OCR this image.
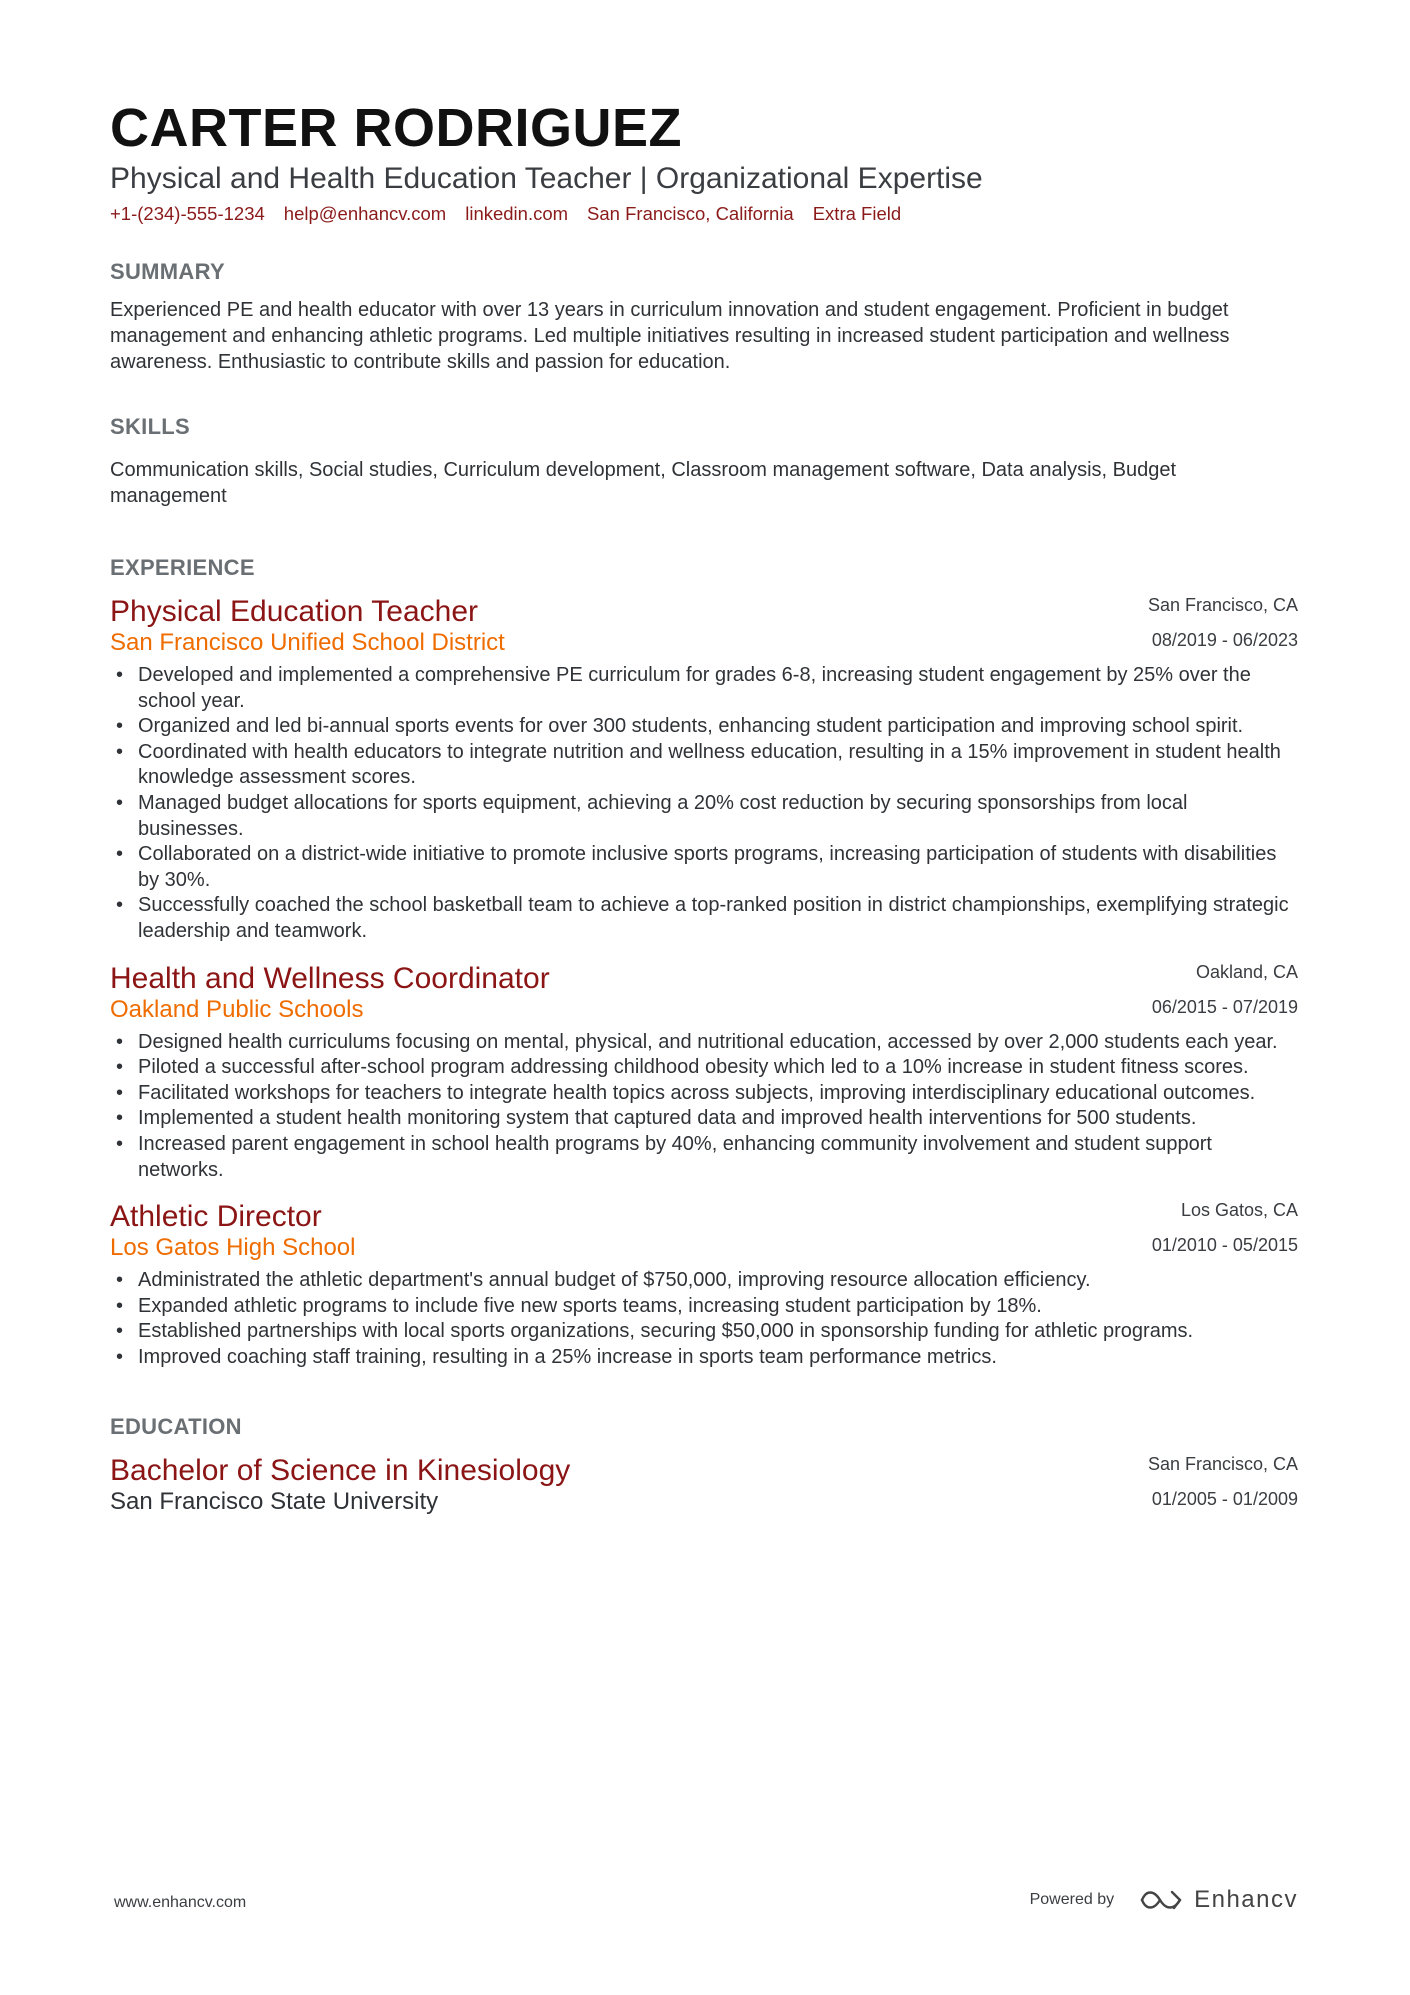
CARTER RODRIGUEZ
Physical and Health Education Teacher | Organizational Expertise
+1-(234)-555-1234 help@enhancv.com linkedin.com San Francisco, California Extra Field
SUMMARY
Experienced PE and health educator with over 13 years in curriculum innovation and student engagement. Proficient in budget management and enhancing athletic programs. Led multiple initiatives resulting in increased student participation and wellness awareness. Enthusiastic to contribute skills and passion for education.
SKILLS
Communication skills, Social studies, Curriculum development, Classroom management software, Data analysis, Budget management
EXPERIENCE
Physical Education Teacher
San Francisco Unified School District
San Francisco, CA
08/2019 - 06/2023
• Developed and implemented a comprehensive PE curriculum for grades 6-8, increasing student engagement by 25% over the school year.
• Organized and led bi-annual sports events for over 300 students, enhancing student participation and improving school spirit.
• Coordinated with health educators to integrate nutrition and wellness education, resulting in a 15% improvement in student health knowledge assessment scores.
• Managed budget allocations for sports equipment, achieving a 20% cost reduction by securing sponsorships from local businesses.
• Collaborated on a district-wide initiative to promote inclusive sports programs, increasing participation of students with disabilities by 30%.
• Successfully coached the school basketball team to achieve a top-ranked position in district championships, exemplifying strategic leadership and teamwork.
Health and Wellness Coordinator
Oakland Public Schools
Oakland, CA
06/2015 - 07/2019
• Designed health curriculums focusing on mental, physical, and nutritional education, accessed by over 2,000 students each year.
• Piloted a successful after-school program addressing childhood obesity which led to a 10% increase in student fitness scores.
• Facilitated workshops for teachers to integrate health topics across subjects, improving interdisciplinary educational outcomes.
• Implemented a student health monitoring system that captured data and improved health interventions for 500 students.
• Increased parent engagement in school health programs by 40%, enhancing community involvement and student support networks.
Athletic Director
Los Gatos High School
Los Gatos, CA
01/2010 - 05/2015
• Administrated the athletic department's annual budget of $750,000, improving resource allocation efficiency.
• Expanded athletic programs to include five new sports teams, increasing student participation by 18%.
• Established partnerships with local sports organizations, securing $50,000 in sponsorship funding for athletic programs.
• Improved coaching staff training, resulting in a 25% increase in sports team performance metrics.
EDUCATION
Bachelor of Science in Kinesiology
San Francisco State University
San Francisco, CA
01/2005 - 01/2009
www.enhancv.com	Powered by	Enhancv
